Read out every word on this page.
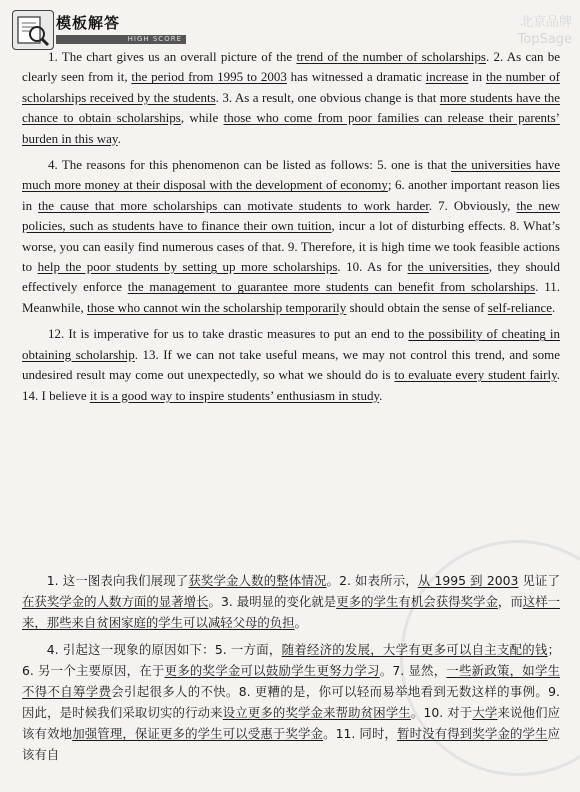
北京品牌
TopSage
模板解答
HIGH SCORE

1. The chart gives us an overall picture of the trend of the number of scholarships. 2. As can be clearly seen from it, the period from 1995 to 2003 has witnessed a dramatic increase in the number of scholarships received by the students. 3. As a result, one obvious change is that more students have the chance to obtain scholarships, while those who come from poor families can release their parents’ burden in this way.

4. The reasons for this phenomenon can be listed as follows: 5. one is that the universities have much more money at their disposal with the development of economy; 6. another important reason lies in the cause that more scholarships can motivate students to work harder. 7. Obviously, the new policies, such as students have to finance their own tuition, incur a lot of disturbing effects. 8. What’s worse, you can easily find numerous cases of that. 9. Therefore, it is high time we took feasible actions to help the poor students by setting up more scholarships. 10. As for the universities, they should effectively enforce the management to guarantee more students can benefit from scholarships. 11. Meanwhile, those who cannot win the scholarship temporarily should obtain the sense of self-reliance.

12. It is imperative for us to take drastic measures to put an end to the possibility of cheating in obtaining scholarship. 13. If we can not take useful means, we may not control this trend, and some undesired result may come out unexpectedly, so what we should do is to evaluate every student fairly. 14. I believe it is a good way to inspire students’ enthusiasm in study.

1. 这一图表向我们展现了获奖学金人数的整体情况。2. 如表所示，从 1995 到 2003 见证了在获奖学金的人数方面的显著增长。3. 最明显的变化就是更多的学生有机会获得奖学金，而这样一来，那些来自贫困家庭的学生可以减轻父母的负担。

4. 引起这一现象的原因如下：5. 一方面，随着经济的发展，大学有更多可以自主支配的钱；6. 另一个主要原因，在于更多的奖学金可以鼓励学生更努力学习。7. 显然，一些新政策，如学生不得不自筹学费会引起很多人的不快。8. 更糟的是，你可以轻而易举地看到无数这样的事例。9. 因此，是时候我们采取切实的行动来设立更多的奖学金来帮助贫困学生。10. 对于大学来说他们应该有效地加强管理，保证更多的学生可以受惠于奖学金。11. 同时，暂时没有得到奖学金的学生应该有自
